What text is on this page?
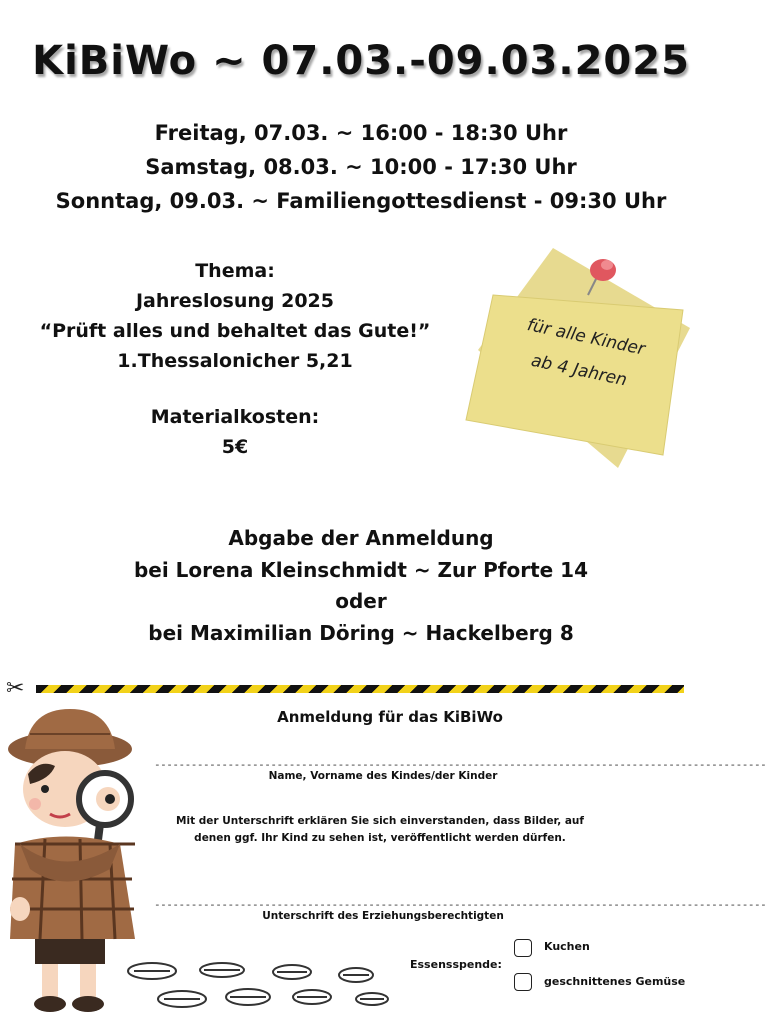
KiBiWo ~ 07.03.-09.03.2025
Freitag, 07.03. ~ 16:00 - 18:30 Uhr
Samstag, 08.03. ~ 10:00 - 17:30 Uhr
Sonntag, 09.03. ~ Familiengottesdienst - 09:30 Uhr
Thema:
Jahreslosung 2025
“Prüft alles und behaltet das Gute!”
1.Thessalonicher 5,21
Materialkosten:
5€
für alle Kinder
ab 4 Jahren
Abgabe der Anmeldung
bei Lorena Kleinschmidt ~ Zur Pforte 14
oder
bei Maximilian Döring ~ Hackelberg 8
✂
Anmeldung für das KiBiWo
----------------------------------------------------------------------------------------------------
Name, Vorname des Kindes/der Kinder
Mit der Unterschrift erklären Sie sich einverstanden, dass Bilder, auf denen ggf. Ihr Kind zu sehen ist, veröffentlicht werden dürfen.
----------------------------------------------------------------------------------------------------
Unterschrift des Erziehungsberechtigten
Essensspende:
Kuchen
geschnittenes Gemüse
